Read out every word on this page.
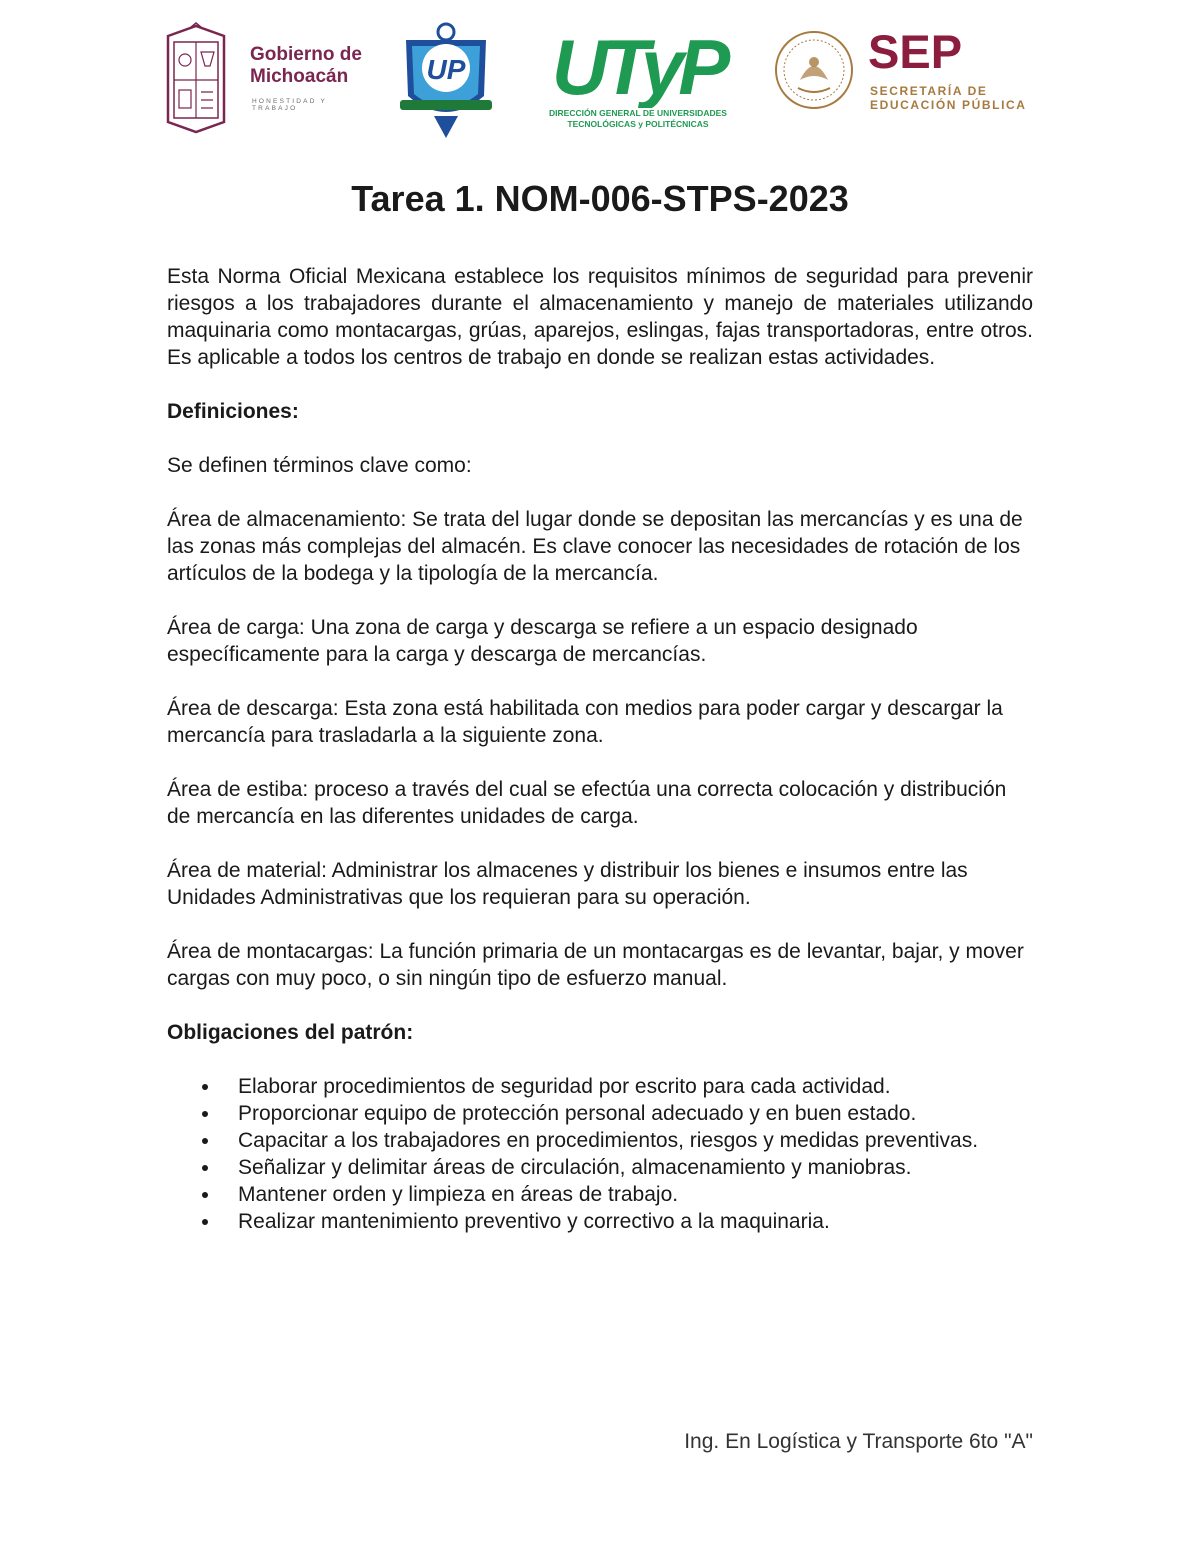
Gobierno de
Michoacán
HONESTIDAD Y TRABAJO
UP UTyP
DIRECCIÓN GENERAL DE UNIVERSIDADES
TECNOLÓGICAS y POLITÉCNICAS
SEP
SECRETARÍA DE
EDUCACIÓN PÚBLICA
Tarea 1. NOM-006-STPS-2023

Esta Norma Oficial Mexicana establece los requisitos mínimos de seguridad para prevenir riesgos a los trabajadores durante el almacenamiento y manejo de materiales utilizando maquinaria como montacargas, grúas, aparejos, eslingas, fajas transportadoras, entre otros. Es aplicable a todos los centros de trabajo en donde se realizan estas actividades.

Definiciones:

Se definen términos clave como:

Área de almacenamiento: Se trata del lugar donde se depositan las mercancías y es una de las zonas más complejas del almacén. Es clave conocer las necesidades de rotación de los artículos de la bodega y la tipología de la mercancía.

Área de carga: Una zona de carga y descarga se refiere a un espacio designado específicamente para la carga y descarga de mercancías.

Área de descarga: Esta zona está habilitada con medios para poder cargar y descargar la mercancía para trasladarla a la siguiente zona.

Área de estiba: proceso a través del cual se efectúa una correcta colocación y distribución de mercancía en las diferentes unidades de carga.

Área de material: Administrar los almacenes y distribuir los bienes e insumos entre las Unidades Administrativas que los requieran para su operación.

Área de montacargas: La función primaria de un montacargas es de levantar, bajar, y mover cargas con muy poco, o sin ningún tipo de esfuerzo manual.

Obligaciones del patrón:

Elaborar procedimientos de seguridad por escrito para cada actividad.
Proporcionar equipo de protección personal adecuado y en buen estado.
Capacitar a los trabajadores en procedimientos, riesgos y medidas preventivas.
Señalizar y delimitar áreas de circulación, almacenamiento y maniobras.
Mantener orden y limpieza en áreas de trabajo.
Realizar mantenimiento preventivo y correctivo a la maquinaria.
Ing. En Logística y Transporte 6to "A"
